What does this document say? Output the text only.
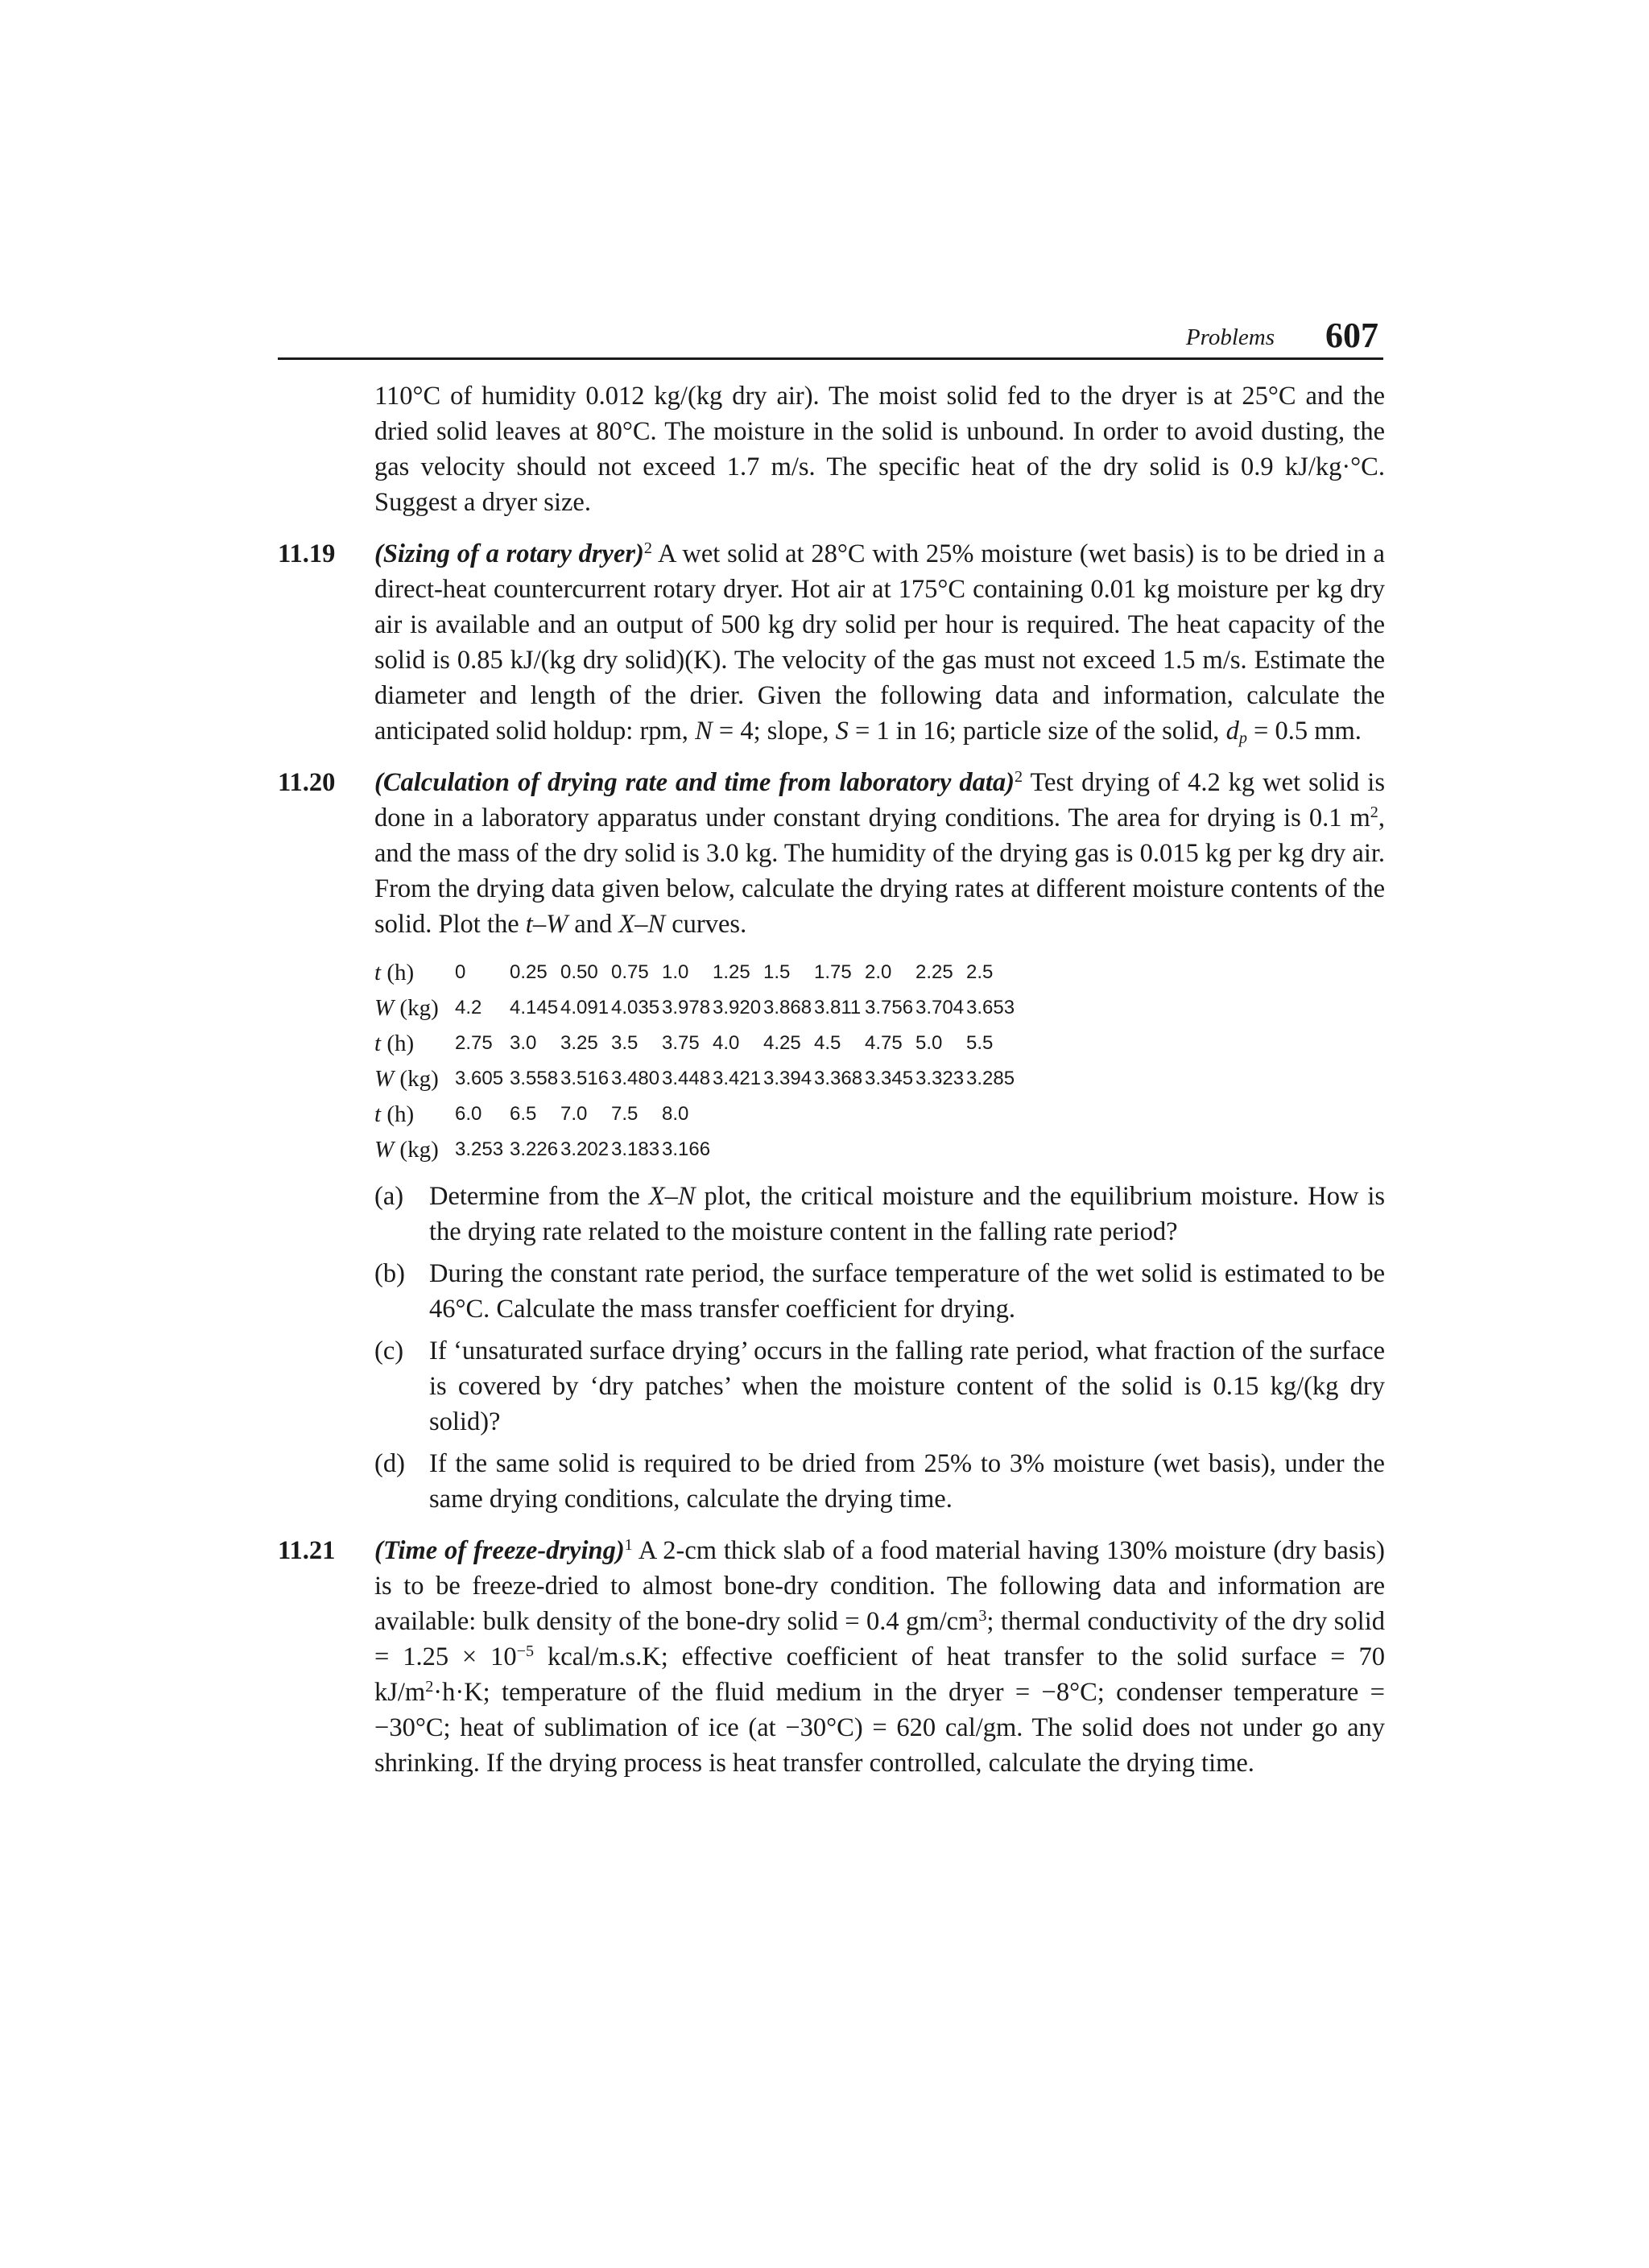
Problems 607

110°C of humidity 0.012 kg/(kg dry air). The moist solid fed to the dryer is at 25°C and the dried solid leaves at 80°C. The moisture in the solid is unbound. In order to avoid dusting, the gas velocity should not exceed 1.7 m/s. The specific heat of the dry solid is 0.9 kJ/kg·°C. Suggest a dryer size.

11.19 (Sizing of a rotary dryer)$^2$ A wet solid at 28°C with 25% moisture (wet basis) is to be dried in a direct-heat countercurrent rotary dryer. Hot air at 175°C containing 0.01 kg moisture per kg dry air is available and an output of 500 kg dry solid per hour is required. The heat capacity of the solid is 0.85 kJ/(kg dry solid)(K). The velocity of the gas must not exceed 1.5 m/s. Estimate the diameter and length of the drier. Given the following data and information, calculate the anticipated solid holdup: rpm, N = 4; slope, S = 1 in 16; particle size of the solid, $d_p = 0.5$ mm.

11.20 (Calculation of drying rate and time from laboratory data)$^2$ Test drying of 4.2 kg wet solid is done in a laboratory apparatus under constant drying conditions. The area for drying is 0.1 $m^2$, and the mass of the dry solid is 3.0 kg. The humidity of the drying gas is 0.015 kg per kg dry air. From the drying data given below, calculate the drying rates at different moisture contents of the solid. Plot the t–W and X–N curves.

t (h)	0	0.25	0.50	0.75	1.0	1.25	1.5	1.75	2.0	2.25	2.5
W (kg)	4.2	4.145	4.091	4.035	3.978	3.920	3.868	3.811	3.756	3.704	3.653
t (h)	2.75	3.0	3.25	3.5	3.75	4.0	4.25	4.5	4.75	5.0	5.5
W (kg)	3.605	3.558	3.516	3.480	3.448	3.421	3.394	3.368	3.345	3.323	3.285
t (h)	6.0	6.5	7.0	7.5	8.0						
W (kg)	3.253	3.226	3.202	3.183	3.166						
(a) Determine from the X–N plot, the critical moisture and the equilibrium moisture. How is the drying rate related to the moisture content in the falling rate period?

(b) During the constant rate period, the surface temperature of the wet solid is estimated to be 46°C. Calculate the mass transfer coefficient for drying.

(c) If ‘unsaturated surface drying’ occurs in the falling rate period, what fraction of the surface is covered by ‘dry patches’ when the moisture content of the solid is 0.15 kg/(kg dry solid)?

(d) If the same solid is required to be dried from 25% to 3% moisture (wet basis), under the same drying conditions, calculate the drying time.

11.21 (Time of freeze-drying)$^1$ A 2-cm thick slab of a food material having 130% moisture (dry basis) is to be freeze-dried to almost bone-dry condition. The following data and information are available: bulk density of the bone-dry solid = 0.4 $gm/cm^3$; thermal conductivity of the dry solid = $1.25 \times 10^{-5}$ kcal/m.s.K; effective coefficient of heat transfer to the solid surface = 70 $kJ/m^2\cdot h\cdot K$; temperature of the fluid medium in the dryer = −8°C; condenser temperature = −30°C; heat of sublimation of ice (at −30°C) = 620 cal/gm. The solid does not under go any shrinking. If the drying process is heat transfer controlled, calculate the drying time.
